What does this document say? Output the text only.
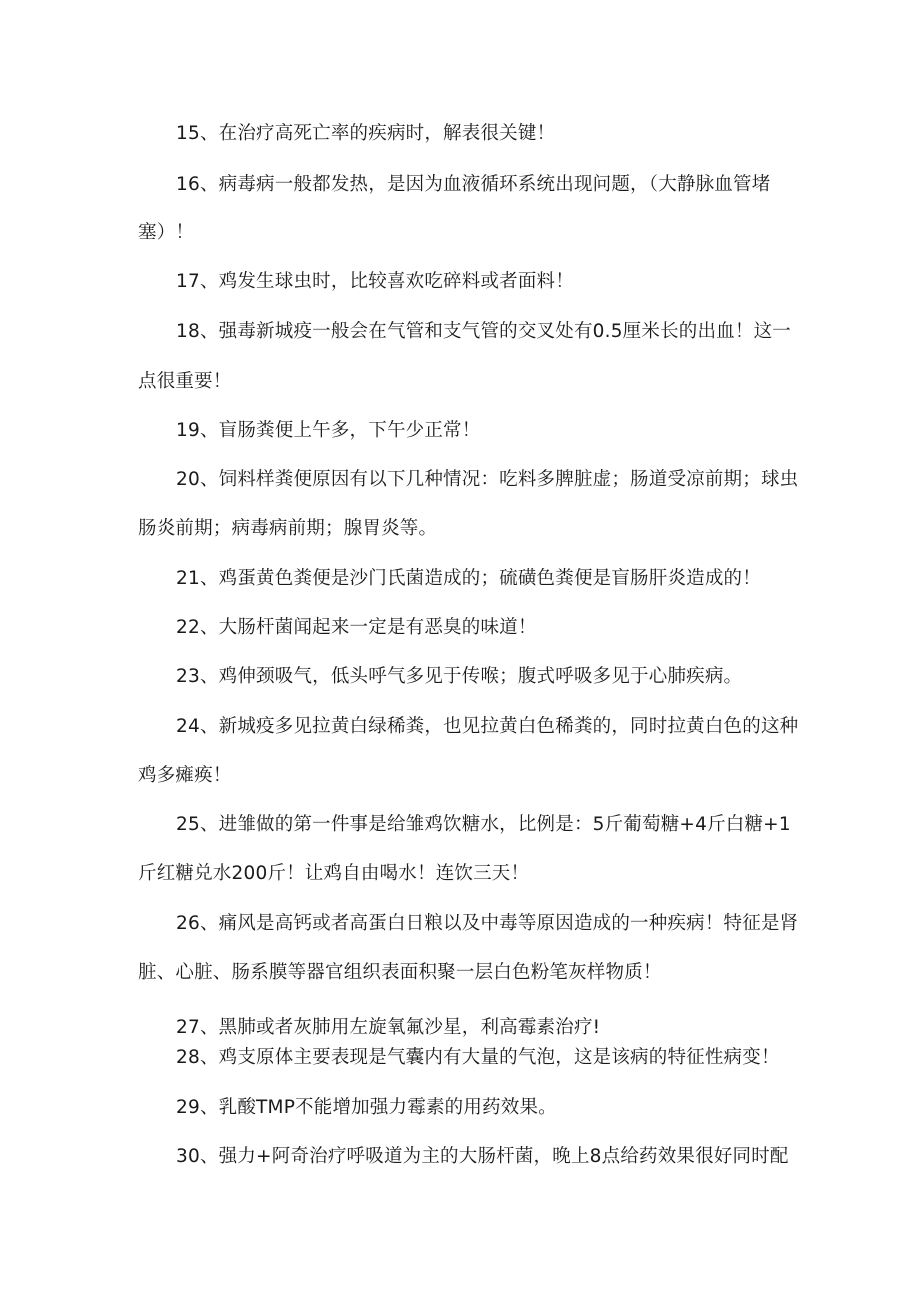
15、在治疗高死亡率的疾病时，解表很关键！
16、病毒病一般都发热，是因为血液循环系统出现问题，（大静脉血管堵
塞）！
17、鸡发生球虫时，比较喜欢吃碎料或者面料！
18、强毒新城疫一般会在气管和支气管的交叉处有0.5厘米长的出血！这一
点很重要！
19、盲肠粪便上午多，下午少正常！
20、饲料样粪便原因有以下几种情况：吃料多脾脏虚；肠道受凉前期；球虫
肠炎前期；病毒病前期；腺胃炎等。
21、鸡蛋黄色粪便是沙门氏菌造成的；硫磺色粪便是盲肠肝炎造成的！
22、大肠杆菌闻起来一定是有恶臭的味道！
23、鸡伸颈吸气，低头呼气多见于传喉；腹式呼吸多见于心肺疾病。
24、新城疫多见拉黄白绿稀粪，也见拉黄白色稀粪的，同时拉黄白色的这种
鸡多瘫痪！
25、进雏做的第一件事是给雏鸡饮糖水，比例是：5斤葡萄糖+4斤白糖+1
斤红糖兑水200斤！让鸡自由喝水！连饮三天！
26、痛风是高钙或者高蛋白日粮以及中毒等原因造成的一种疾病！特征是肾
脏、心脏、肠系膜等器官组织表面积聚一层白色粉笔灰样物质！
27、黑肺或者灰肺用左旋氧氟沙星，利高霉素治疗!
28、鸡支原体主要表现是气囊内有大量的气泡，这是该病的特征性病变！
29、乳酸TMP不能增加强力霉素的用药效果。
30、强力+阿奇治疗呼吸道为主的大肠杆菌，晚上8点给药效果很好同时配
